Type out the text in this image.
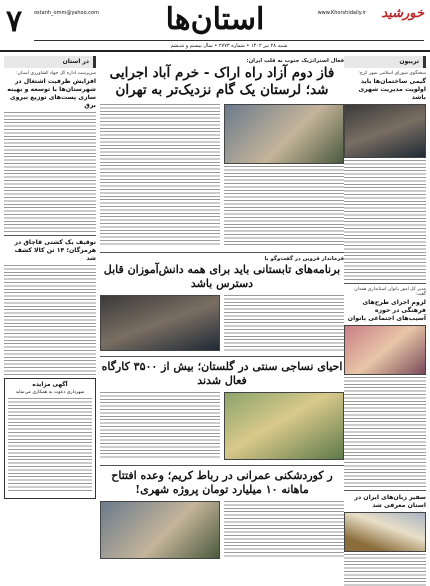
۷ ostanh_omm@yahoo.com	استان‌ها	www.Khorshidaily.ir خورشید
شنبه ۲۸ تیر ۱۴۰۲ • شماره ۲۷۷۳ • سال بیستم و شـشم
تریبون
سخنگوی شورای اسلامی شهر کرج:
گیمی ساختمان‌ها باید اولویت مدیریت شهری باشد
مدیر کل امور بانوان استانداری همدان گفت:
لزوم اجرای طرح‌های فرهنگی در حوزه آسیب‌های اجتماعی بانوان
سفیر زبان‌های ایران در استان معرفی شد
فعال استراتژیک جنوب به قلب ایران:
فاز دوم آزاد راه اراک - خرم آباد اجرایی شد؛ لرستان یک گام نزدیک‌تر به تهران
فرماندار قزوین در گفت‌وگو با
برنامه‌های تابستانی باید برای همه دانش‌آموزان قابل دسترس باشد
احیای نساجی سنتی در گلستان؛ بیش از ۳۵۰۰ کارگاه فعال شدند
ر کوردشکنی عمرانی در رباط کریم؛ وعده افتتاح ماهانه ۱۰ میلیارد تومان پروژه شهری!
در استان
سرپرست اداره کل جهاد کشاورزی استان:
افزایش ظرفیت اشتغال در شهرستان‌ها با توسعه و بهینه سازی پست‌های توزیع نیروی برق
توقیف یک کشتی قاچاق در هرمزگان؛ ۱۴ تن کالا کشف شد
آگهی مزایده
شهرداری دعوت به همکاری می‌نماید
